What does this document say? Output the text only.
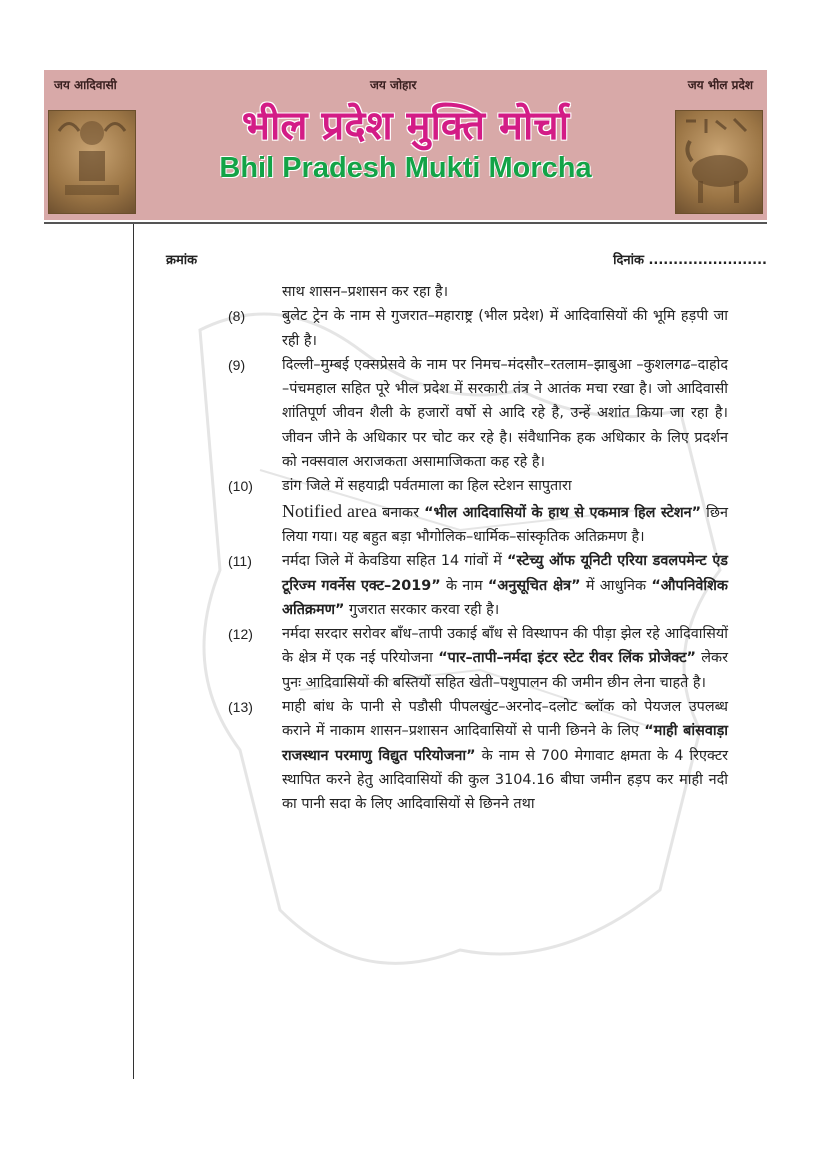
जय आदिवासी	जय जोहार	जय भील प्रदेश
भील प्रदेश मुक्ति मोर्चा
Bhil Pradesh Mukti Morcha
क्रमांक	दिनांक ........................
साथ शासन–प्रशासन कर रहा है।
(8)	बुलेट ट्रेन के नाम से गुजरात–महाराष्ट्र (भील प्रदेश) में आदिवासियों की भूमि हड़पी जा रही है।
(9)	दिल्ली–मुम्बई एक्सप्रेसवे के नाम पर निमच–मंदसौर–रतलाम–झाबुआ –कुशलगढ–दाहोद –पंचमहाल सहित पूरे भील प्रदेश में सरकारी तंत्र ने आतंक मचा रखा है। जो आदिवासी शांतिपूर्ण जीवन शैली के हजारों वर्षो से आदि रहे है, उन्हें अशांत किया जा रहा है। जीवन जीने के अधिकार पर चोट कर रहे है। संवैधानिक हक अधिकार के लिए प्रदर्शन को नक्सवाल अराजकता असामाजिकता कह रहे है।
(10)	डांग जिले में सहयाद्री पर्वतमाला का हिल स्टेशन सापुतारा
Notified area बनाकर “भील आदिवासियों के हाथ से एकमात्र हिल स्टेशन” छिन लिया गया। यह बहुत बड़ा भौगोलिक–धार्मिक–सांस्कृतिक अतिक्रमण है।
(11)	नर्मदा जिले में केवडिया सहित 14 गांवों में “स्टेच्यु ऑफ यूनिटी एरिया डवलपमेन्ट एंड टूरिज्म गवर्नेस एक्ट–2019” के नाम “अनुसूचित क्षेत्र” में आधुनिक “औपनिवेशिक अतिक्रमण” गुजरात सरकार करवा रही है।
(12)	नर्मदा सरदार सरोवर बाँध–तापी उकाई बाँध से विस्थापन की पीड़ा झेल रहे आदिवासियों के क्षेत्र में एक नई परियोजना “पार–तापी–नर्मदा इंटर स्टेट रीवर लिंक प्रोजेक्ट” लेकर पुनः आदिवासियों की बस्तियों सहित खेती–पशुपालन की जमीन छीन लेना चाहते है।
(13)	माही बांध के पानी से पडौसी पीपलखुंट–अरनोद–दलोट ब्लॉक को पेयजल उपलब्ध कराने में नाकाम शासन–प्रशासन आदिवासियों से पानी छिनने के लिए “माही बांसवाड़ा राजस्थान परमाणु विद्युत परियोजना” के नाम से 700 मेगावाट क्षमता के 4 रिएक्टर स्थापित करने हेतु आदिवासियों की कुल 3104.16 बीघा जमीन हड़प कर माही नदी का पानी सदा के लिए आदिवासियों से छिनने तथा
